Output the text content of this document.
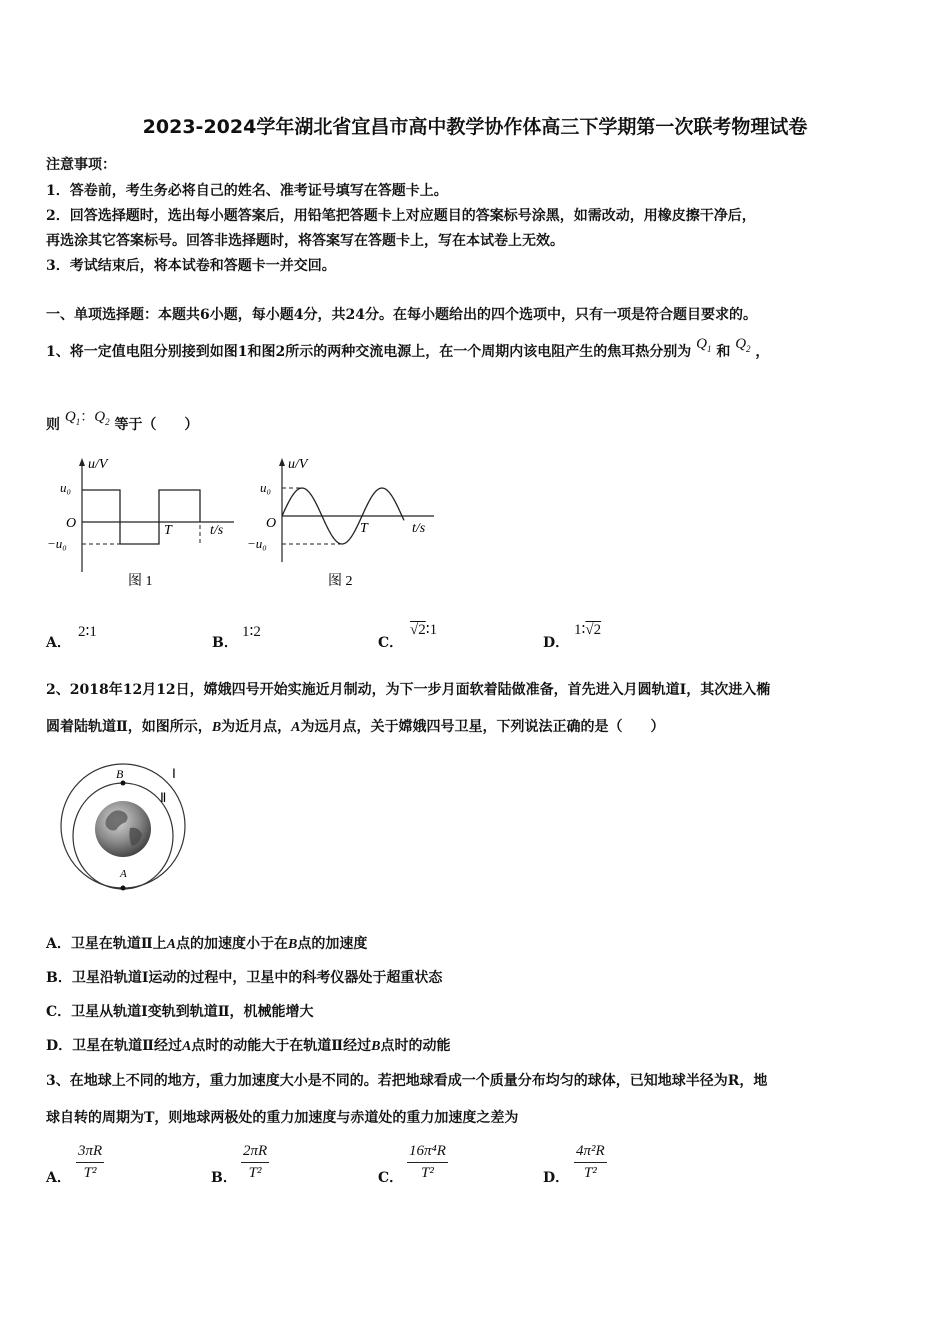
2023-2024学年湖北省宜昌市高中教学协作体高三下学期第一次联考物理试卷
注意事项：
1．答卷前，考生务必将自己的姓名、准考证号填写在答题卡上。
2．回答选择题时，选出每小题答案后，用铅笔把答题卡上对应题目的答案标号涂黑，如需改动，用橡皮擦干净后，
再选涂其它答案标号。回答非选择题时，将答案写在答题卡上，写在本试卷上无效。
3．考试结束后，将本试卷和答题卡一并交回。
一、单项选择题：本题共6小题，每小题4分，共24分。在每小题给出的四个选项中，只有一项是符合题目要求的。
1、将一定值电阻分别接到如图1和图2所示的两种交流电源上，在一个周期内该电阻产生的焦耳热分别为 $Q_1$ 和 $Q_2$ ，
则 $Q_1$：$Q_2$ 等于（　　）
u/V
u₀
O
−u₀
T	t/s
图 1
u/V
u₀
O
−u₀
T	t/s
图 2
A．
2∶1
B．
1∶2
C．
√2∶1
D．
1∶√2
2、2018年12月12日，嫦娥四号开始实施近月制动，为下一步月面软着陆做准备，首先进入月圆轨道Ⅰ，其次进入椭
圆着陆轨道Ⅱ，如图所示，B为近月点，A为远月点，关于嫦娥四号卫星，下列说法正确的是（　　）
B
A
Ⅰ
Ⅱ
A．卫星在轨道Ⅱ上A点的加速度小于在B点的加速度
B．卫星沿轨道Ⅰ运动的过程中，卫星中的科考仪器处于超重状态
C．卫星从轨道Ⅰ变轨到轨道Ⅱ，机械能增大
D．卫星在轨道Ⅱ经过A点时的动能大于在轨道Ⅱ经过B点时的动能
3、在地球上不同的地方，重力加速度大小是不同的。若把地球看成一个质量分布均匀的球体，已知地球半径为R，地
球自转的周期为T，则地球两极处的重力加速度与赤道处的重力加速度之差为
A． $\frac{3\pi R}{\text{T²}}$	B． $\frac{2\pi R}{\text{T²}}$	C． $\frac{\text{16π⁴R}}{\text{T²}}$	D． $\frac{\text{4π²R}}{\text{T²}}$
